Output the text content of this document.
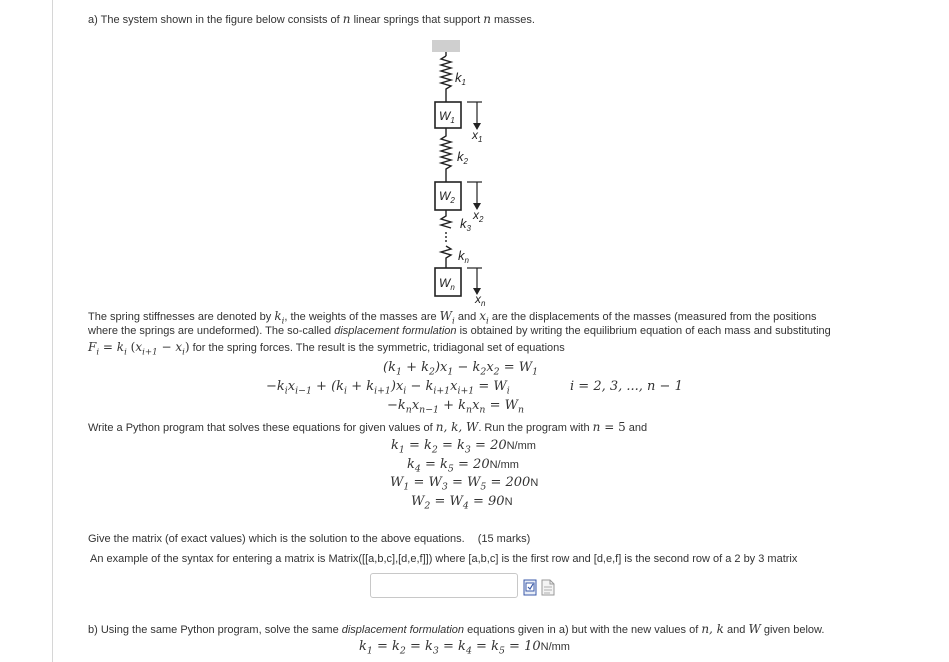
a) The system shown in the figure below consists of n linear springs that support n masses.
$k_1$
$W_1$
$x_1$
$k_2$
$W_2$
$x_2$
$k_3$
$k_n$
$W_n$
$x_n$
The spring stiffnesses are denoted by $k_i$, the weights of the masses are $W_i$ and $x_i$ are the displacements of the masses (measured from the positions
where the springs are undeformed). The so-called displacement formulation is obtained by writing the equilibrium equation of each mass and substituting
$F_i = k_i$ $(x_{i+1} - x_i)$ for the spring forces. The result is the symmetric, tridiagonal set of equations
$(k_1 + k_2)x_1 - k_2x_2 = W_1$
$-k_ix_{i-1} + (k_i + k_{i+1})x_i - k_{i+1}x_{i+1} = W_i$	i = 2, 3, ..., n − 1
$-k_nx_{n-1} + k_nx_n = W_n$
Write a Python program that solves these equations for given values of n, k, W. Run the program with n = 5 and
$k_1 = k_2 = k_3 = 20N/mm$
$k_4 = k_5 = 20N/mm$
$W_1 = W_3 = W_5 = 200N$
$W_2 = W_4 = 90N$
Give the matrix (of exact values) which is the solution to the above equations. (15 marks)
An example of the syntax for entering a matrix is Matrix([[a,b,c],[d,e,f]]) where [a,b,c] is the first row and [d,e,f] is the second row of a 2 by 3 matrix
b) Using the same Python program, solve the same displacement formulation equations given in a) but with the new values of n, k and W given below.
$k_1 = k_2 = k_3 = k_4 = k_5 = 10N/mm$
